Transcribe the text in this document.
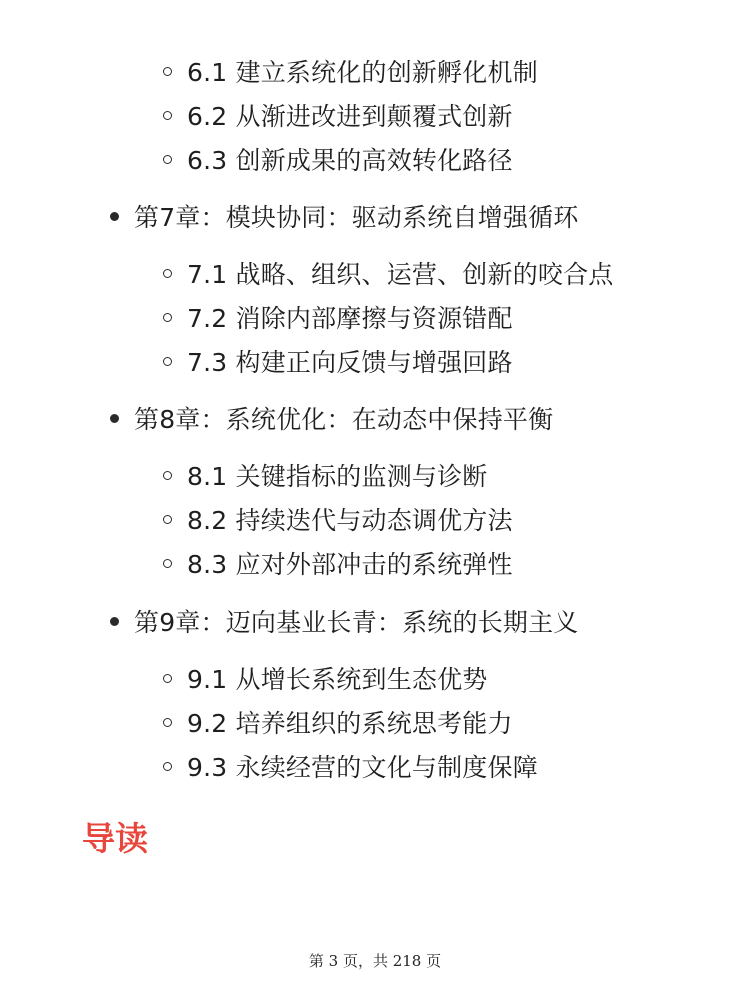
6.1 建立系统化的创新孵化机制
6.2 从渐进改进到颠覆式创新
6.3 创新成果的高效转化路径
第7章：模块协同：驱动系统自增强循环
7.1 战略、组织、运营、创新的咬合点
7.2 消除内部摩擦与资源错配
7.3 构建正向反馈与增强回路
第8章：系统优化：在动态中保持平衡
8.1 关键指标的监测与诊断
8.2 持续迭代与动态调优方法
8.3 应对外部冲击的系统弹性
第9章：迈向基业长青：系统的长期主义
9.1 从增长系统到生态优势
9.2 培养组织的系统思考能力
9.3 永续经营的文化与制度保障
导读
第 3 页，共 218 页
